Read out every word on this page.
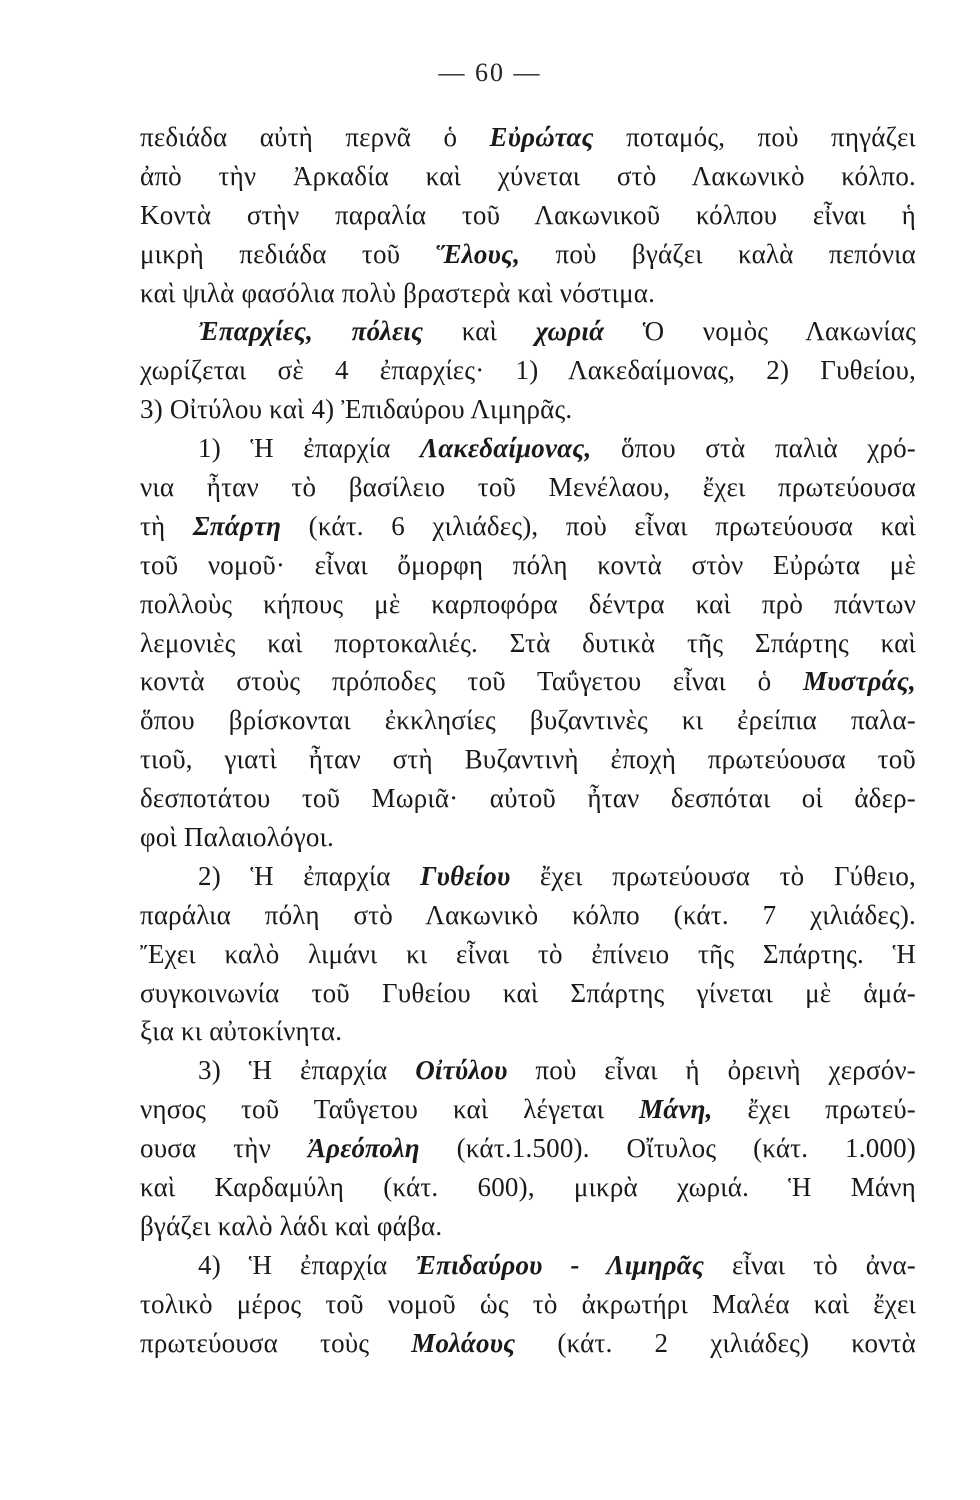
— 60 —
πεδιάδα αὐτὴ περνᾶ ὁ Εὐρώτας ποταμός, ποὺ πηγάζει
ἀπὸ τὴν Ἀρκαδία καὶ χύνεται στὸ Λακωνικὸ κόλπο.
Κοντὰ στὴν παραλία τοῦ Λακωνικοῦ κόλπου εἶναι ἡ
μικρὴ πεδιάδα τοῦ Ἕλους, ποὺ βγάζει καλὰ πεπόνια
καὶ ψιλὰ φασόλια πολὺ βραστερὰ καὶ νόστιμα.
Ἐπαρχίες, πόλεις καὶ χωριά Ὁ νομὸς Λακωνίας
χωρίζεται σὲ 4 ἐπαρχίες· 1) Λακεδαίμονας, 2) Γυθείου,
3) Οἰτύλου καὶ 4) Ἐπιδαύρου Λιμηρᾶς.
1) Ἡ ἐπαρχία Λακεδαίμονας, ὅπου στὰ παλιὰ χρό-
νια ἦταν τὸ βασίλειο τοῦ Μενέλαου, ἔχει πρωτεύουσα
τὴ Σπάρτη (κάτ. 6 χιλιάδες), ποὺ εἶναι πρωτεύουσα καὶ
τοῦ νομοῦ· εἶναι ὄμορφη πόλη κοντὰ στὸν Εὐρώτα μὲ
πολλοὺς κήπους μὲ καρποφόρα δέντρα καὶ πρὸ πάντων
λεμονιὲς καὶ πορτοκαλιές. Στὰ δυτικὰ τῆς Σπάρτης καὶ
κοντὰ στοὺς πρόποδες τοῦ Ταΰγετου εἶναι ὁ Μυστράς,
ὅπου βρίσκονται ἐκκλησίες βυζαντινὲς κι ἐρείπια παλα-
τιοῦ, γιατὶ ἦταν στὴ Βυζαντινὴ ἐποχὴ πρωτεύουσα τοῦ
δεσποτάτου τοῦ Μωριᾶ· αὐτοῦ ἦταν δεσπόται οἱ ἀδερ-
φοὶ Παλαιολόγοι.
2) Ἡ ἐπαρχία Γυθείου ἔχει πρωτεύουσα τὸ Γύθειο,
παράλια πόλη στὸ Λακωνικὸ κόλπο (κάτ. 7 χιλιάδες).
Ἔχει καλὸ λιμάνι κι εἶναι τὸ ἐπίνειο τῆς Σπάρτης. Ἡ
συγκοινωνία τοῦ Γυθείου καὶ Σπάρτης γίνεται μὲ ἁμά-
ξια κι αὐτοκίνητα.
3) Ἡ ἐπαρχία Οἰτύλου ποὺ εἶναι ἡ ὀρεινὴ χερσόν-
νησος τοῦ Ταΰγετου καὶ λέγεται Μάνη, ἔχει πρωτεύ-
ουσα τὴν Ἀρεόπολη (κάτ.1.500). Οἴτυλος (κάτ. 1.000)
καὶ Καρδαμύλη (κάτ. 600), μικρὰ χωριά. Ἡ Μάνη
βγάζει καλὸ λάδι καὶ φάβα.
4) Ἡ ἐπαρχία Ἐπιδαύρου - Λιμηρᾶς εἶναι τὸ ἀνα-
τολικὸ μέρος τοῦ νομοῦ ὡς τὸ ἀκρωτήρι Μαλέα καὶ ἔχει
πρωτεύουσα τοὺς Μολάους (κάτ. 2 χιλιάδες) κοντὰ
